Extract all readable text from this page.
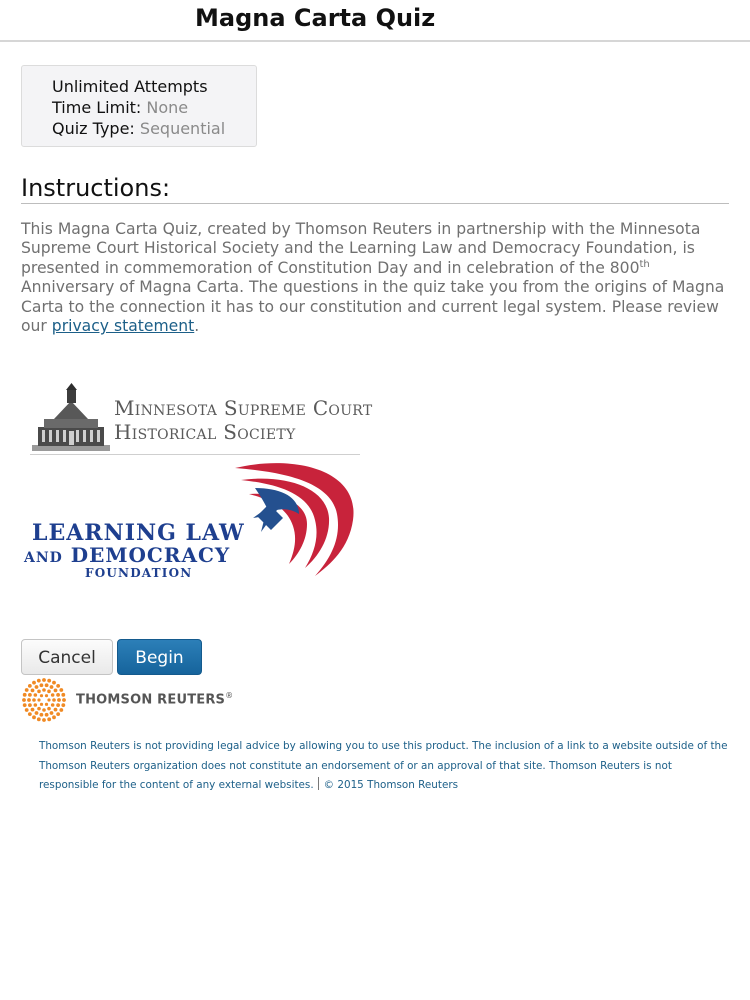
Magna Carta Quiz
Unlimited Attempts
Time Limit: None
Quiz Type: Sequential
Instructions:
This Magna Carta Quiz, created by Thomson Reuters in partnership with the Minnesota Supreme Court Historical Society and the Learning Law and Democracy Foundation, is presented in commemoration of Constitution Day and in celebration of the 800th Anniversary of Magna Carta. The questions in the quiz take you from the origins of Magna Carta to the connection it has to our constitution and current legal system. Please review our privacy statement.
Minnesota Supreme Court
Historical Society
LEARNING LAW
AND DEMOCRACY
FOUNDATION
Cancel	Begin
THOMSON REUTERS®
Thomson Reuters is not providing legal advice by allowing you to use this product. The inclusion of a link to a website outside of the Thomson Reuters organization does not constitute an endorsement of or an approval of that site. Thomson Reuters is not responsible for the content of any external websites. © 2015 Thomson Reuters
